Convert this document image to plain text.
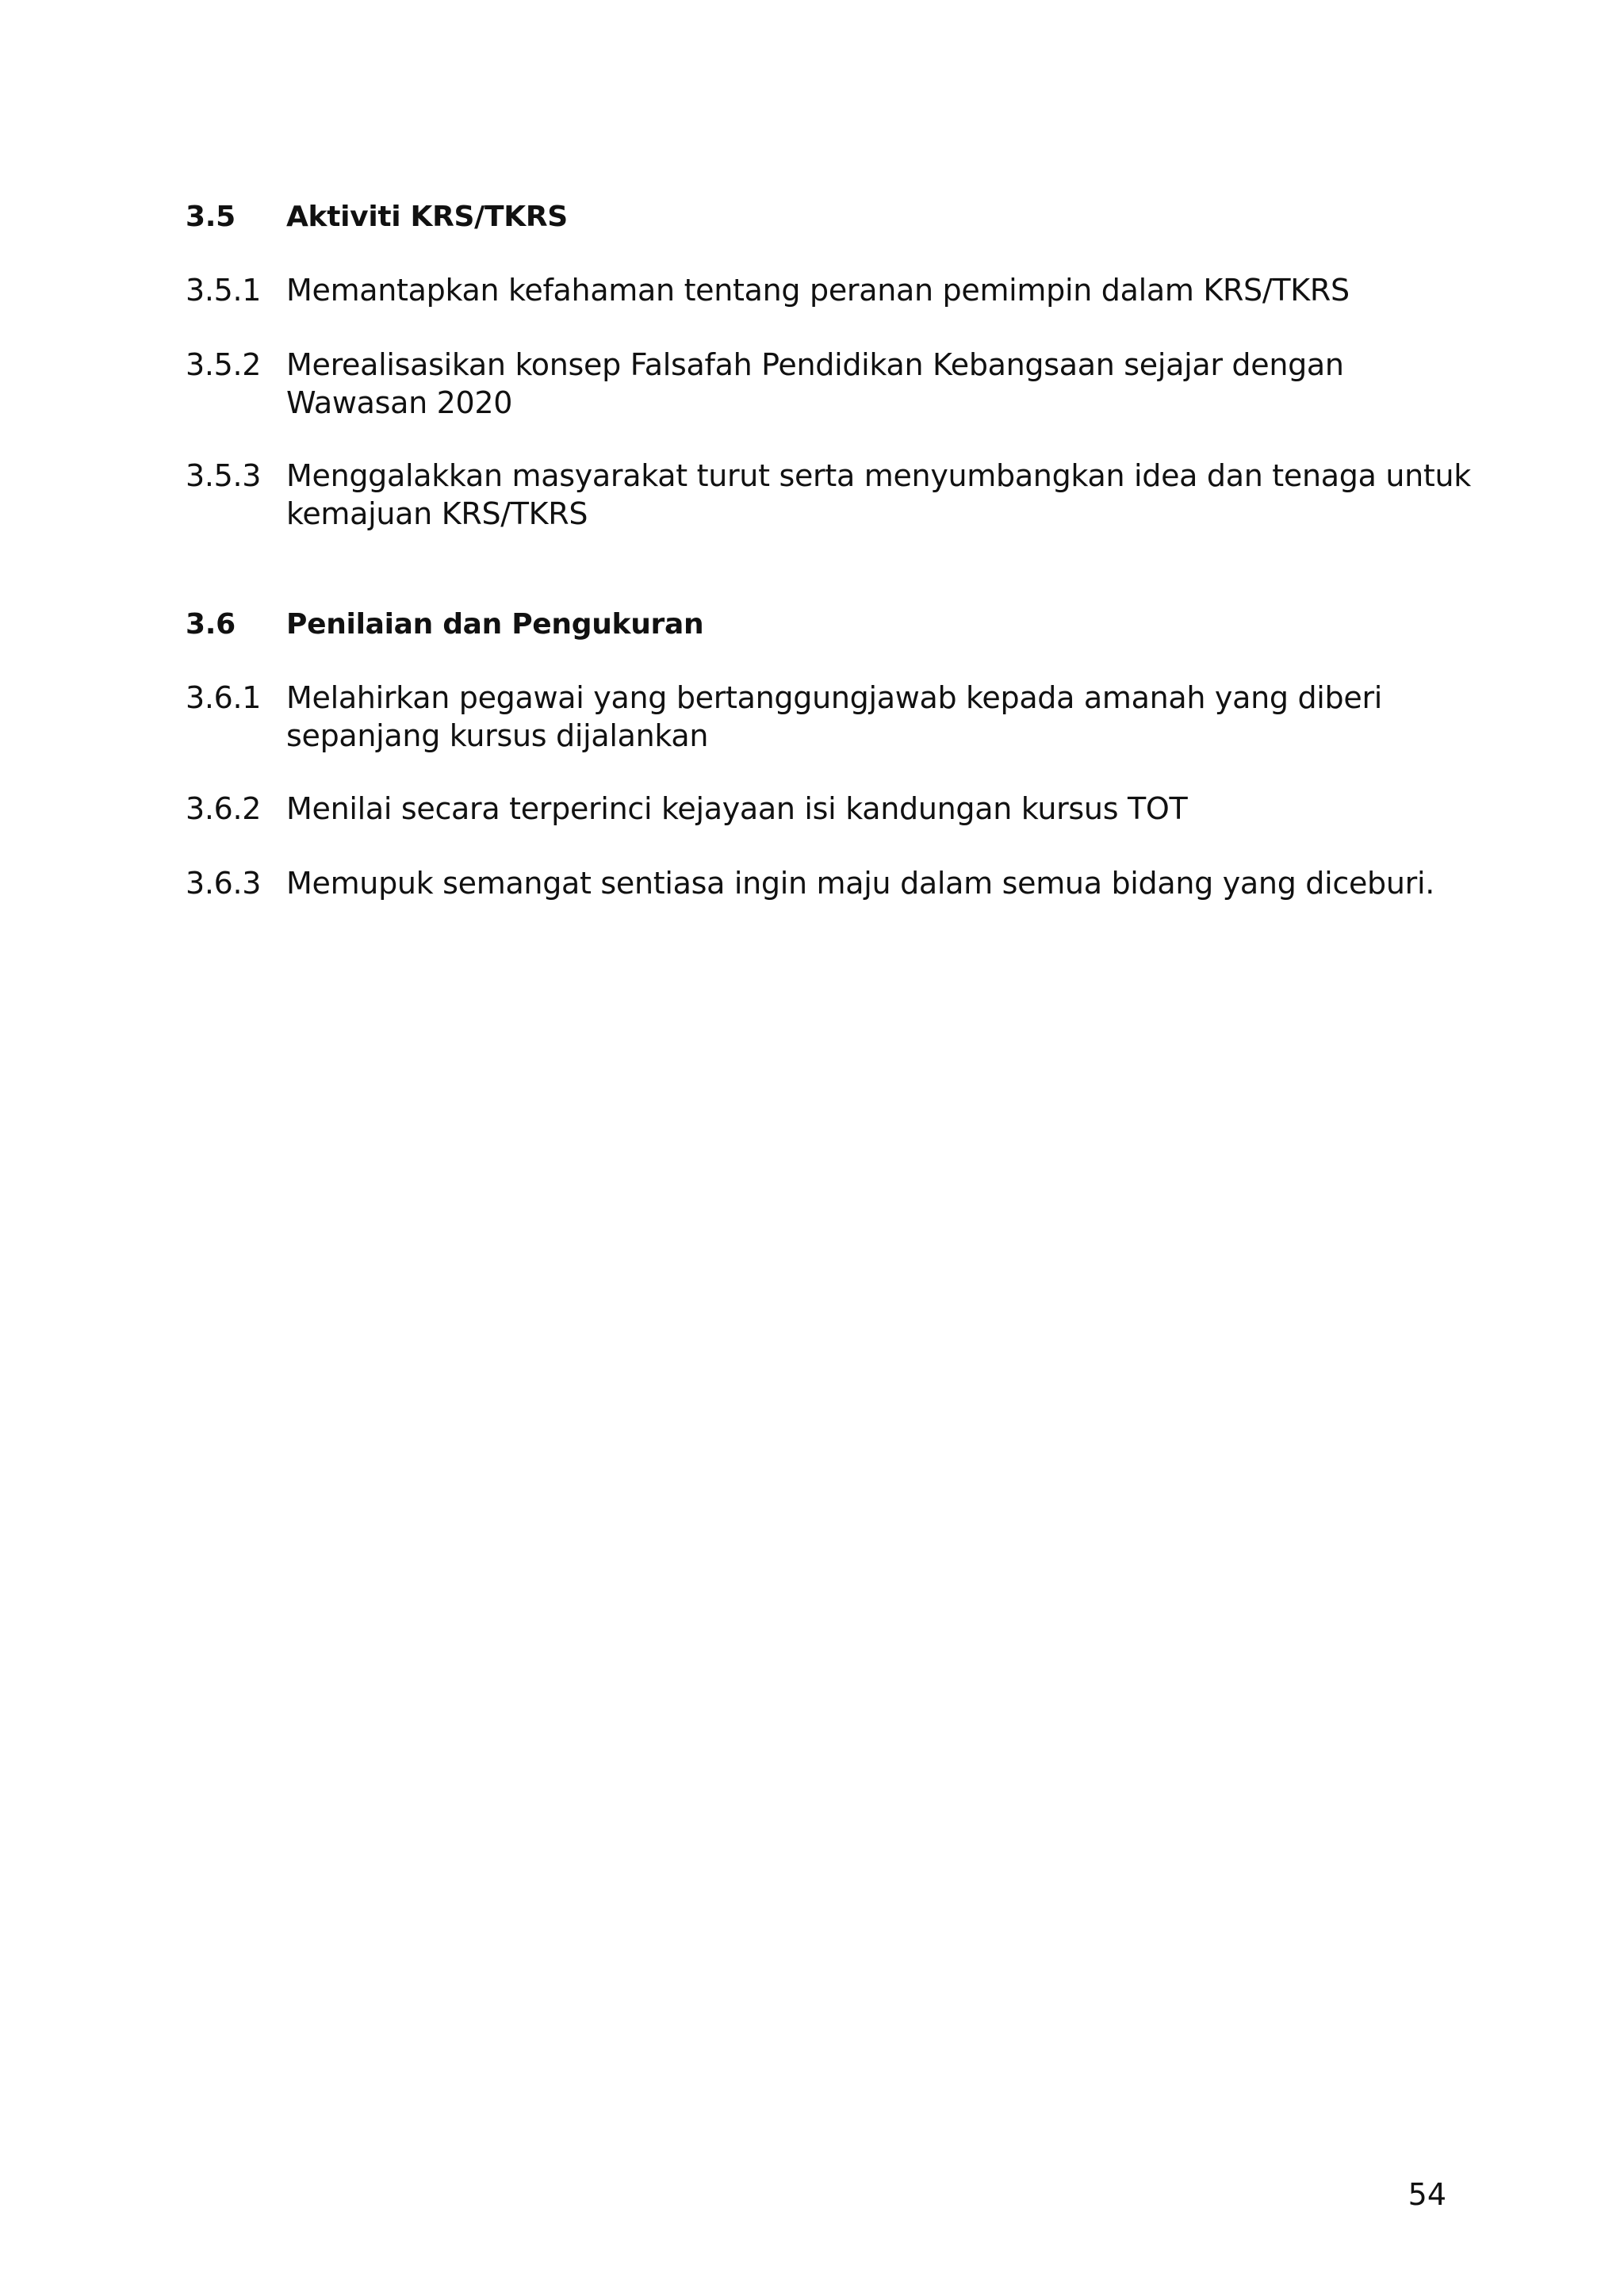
3.5	Aktiviti KRS/TKRS
3.5.1 Memantapkan kefahaman tentang peranan pemimpin dalam KRS/TKRS
3.5.2 Merealisasikan konsep Falsafah Pendidikan Kebangsaan sejajar dengan
Wawasan 2020
3.5.3 Menggalakkan masyarakat turut serta menyumbangkan idea dan tenaga untuk
kemajuan KRS/TKRS
3.6	Penilaian dan Pengukuran
3.6.1 Melahirkan pegawai yang bertanggungjawab kepada amanah yang diberi
sepanjang kursus dijalankan
3.6.2 Menilai secara terperinci kejayaan isi kandungan kursus TOT
3.6.3 Memupuk semangat sentiasa ingin maju dalam semua bidang yang diceburi.
54
